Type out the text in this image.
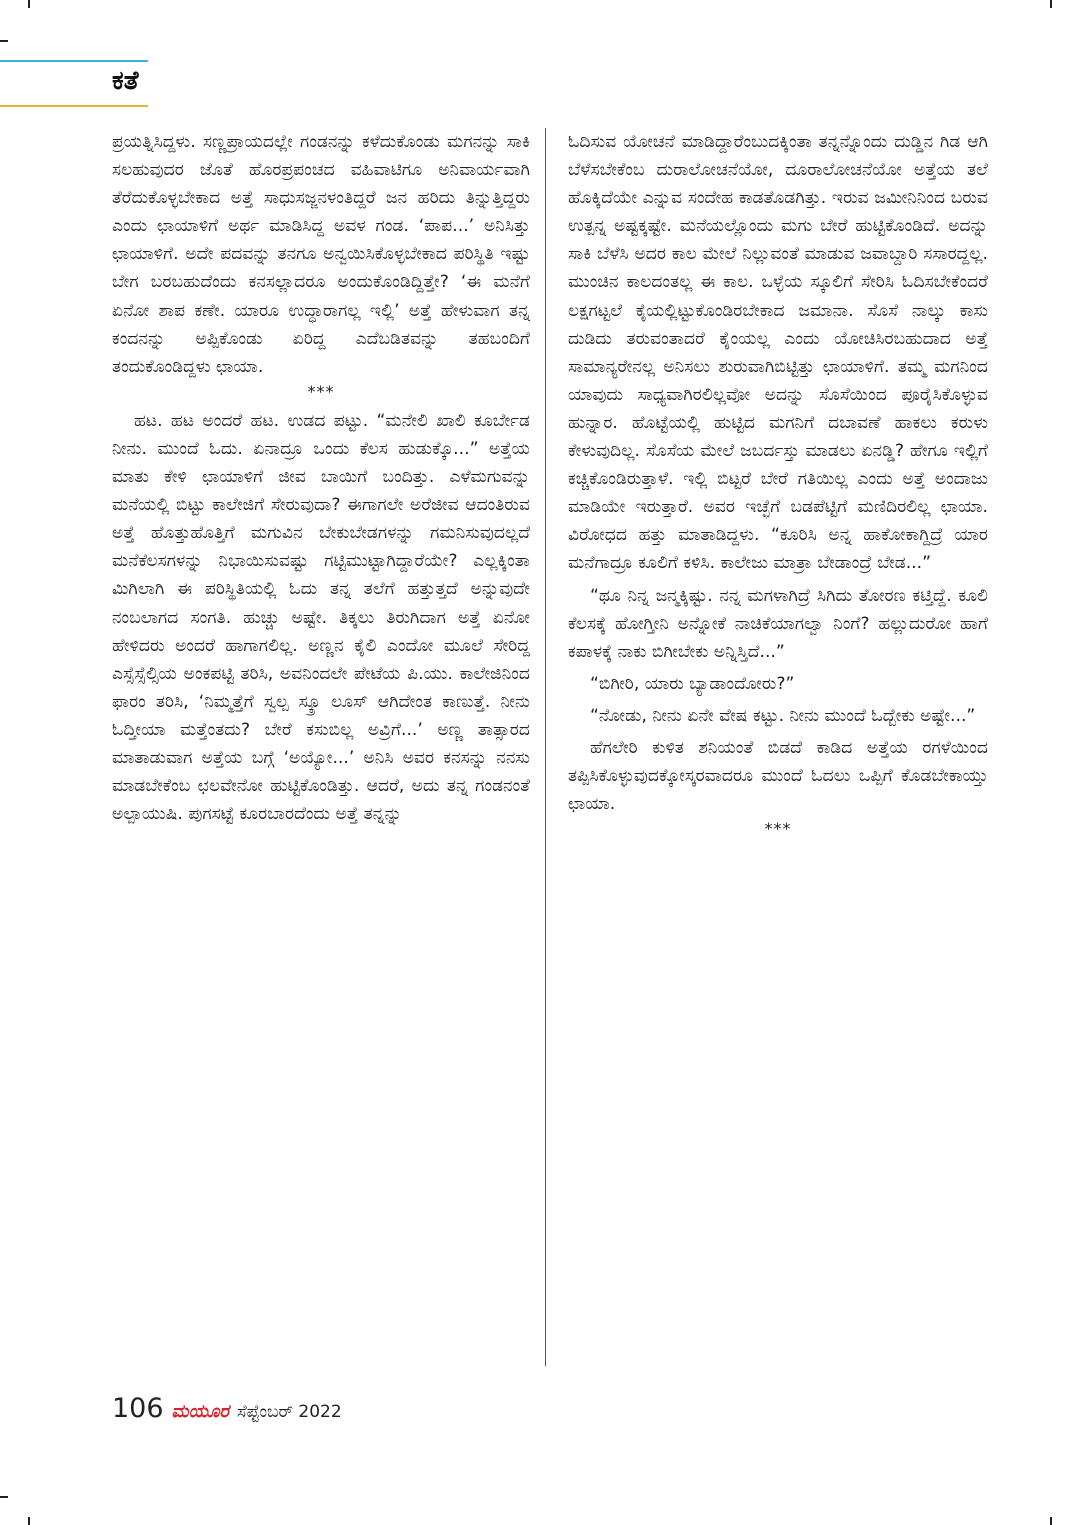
ಕತೆ

ಪ್ರಯತ್ನಿಸಿದ್ದಳು. ಸಣ್ಣಪ್ರಾಯದಲ್ಲೇ ಗಂಡನನ್ನು ಕಳೆದುಕೊಂಡು ಮಗನನ್ನು ಸಾಕಿ ಸಲಹುವುದರ ಜೊತೆ ಹೊರಪ್ರಪಂಚದ ವಹಿವಾಟಿಗೂ ಅನಿವಾರ್ಯವಾಗಿ ತೆರೆದುಕೊಳ್ಳಬೇಕಾದ ಅತ್ತೆ ಸಾಧುಸಜ್ಜನಳಂತಿದ್ದರೆ ಜನ ಹರಿದು ತಿನ್ನುತ್ತಿದ್ದರು ಎಂದು ಛಾಯಾಳಿಗೆ ಅರ್ಥ ಮಾಡಿಸಿದ್ದ ಅವಳ ಗಂಡ. ‘ಪಾಪ...’ ಅನಿಸಿತ್ತು ಛಾಯಾಳಿಗೆ. ಅದೇ ಪದವನ್ನು ತನಗೂ ಅನ್ವಯಿಸಿಕೊಳ್ಳಬೇಕಾದ ಪರಿಸ್ಥಿತಿ ಇಷ್ಟು ಬೇಗ ಬರಬಹುದೆಂದು ಕನಸಲ್ಲಾದರೂ ಅಂದುಕೊಂಡಿದ್ದಿತ್ತೇ? ‘ಈ ಮನೆಗೆ ಏನೋ ಶಾಪ ಕಣೇ. ಯಾರೂ ಉದ್ಧಾರಾಗಲ್ಲ ಇಲ್ಲಿ’ ಅತ್ತೆ ಹೇಳುವಾಗ ತನ್ನ ಕಂದನನ್ನು ಅಪ್ಪಿಕೊಂಡು ಏರಿದ್ದ ಎದೆಬಡಿತವನ್ನು ತಹಬಂದಿಗೆ ತಂದುಕೊಂಡಿದ್ದಳು ಛಾಯಾ.

***

ಹಟ. ಹಟ ಅಂದರೆ ಹಟ. ಉಡದ ಪಟ್ಟು. “ಮನೇಲಿ ಖಾಲಿ ಕೂರ್ಬೇಡ ನೀನು. ಮುಂದೆ ಓದು. ಏನಾದ್ರೂ ಒಂದು ಕೆಲಸ ಹುಡುಕ್ಕೊ...” ಅತ್ತೆಯ ಮಾತು ಕೇಳಿ ಛಾಯಾಳಿಗೆ ಜೀವ ಬಾಯಿಗೆ ಬಂದಿತ್ತು. ಎಳೆಮಗುವನ್ನು ಮನೆಯಲ್ಲಿ ಬಿಟ್ಟು ಕಾಲೇಜಿಗೆ ಸೇರುವುದಾ? ಈಗಾಗಲೇ ಅರೆಜೀವ ಆದಂತಿರುವ ಅತ್ತೆ ಹೊತ್ತುಹೊತ್ತಿಗೆ ಮಗುವಿನ ಬೇಕುಬೇಡಗಳನ್ನು ಗಮನಿಸುವುದಲ್ಲದೆ ಮನೆಕೆಲಸಗಳನ್ನು ನಿಭಾಯಿಸುವಷ್ಟು ಗಟ್ಟಿಮುಟ್ಟಾಗಿದ್ದಾರೆಯೇ? ಎಲ್ಲಕ್ಕಿಂತಾ ಮಿಗಿಲಾಗಿ ಈ ಪರಿಸ್ಥಿತಿಯಲ್ಲಿ ಓದು ತನ್ನ ತಲೆಗೆ ಹತ್ತುತ್ತದೆ ಅನ್ನುವುದೇ ನಂಬಲಾಗದ ಸಂಗತಿ. ಹುಚ್ಚು ಅಷ್ಟೇ. ತಿಕ್ಕಲು ತಿರುಗಿದಾಗ ಅತ್ತೆ ಏನೋ ಹೇಳಿದರು ಅಂದರೆ ಹಾಗಾಗಲಿಲ್ಲ. ಅಣ್ಣನ ಕೈಲಿ ಎಂದೋ ಮೂಲೆ ಸೇರಿದ್ದ ಎಸ್ಸೆಸ್ಸೆಲ್ಸಿಯ ಅಂಕಪಟ್ಟಿ ತರಿಸಿ, ಅವನಿಂದಲೇ ಪೇಟೆಯ ಪಿ.ಯು. ಕಾಲೇಜಿನಿಂದ ಫಾರಂ ತರಿಸಿ, ‘ನಿಮ್ಮತ್ತೆಗೆ ಸ್ವಲ್ಪ ಸ್ಕ್ರೂ ಲೂಸ್ ಆಗಿದೇಂತ ಕಾಣುತ್ತೆ. ನೀನು ಓದ್ತೀಯಾ ಮತ್ತೆಂತದು? ಬೇರೆ ಕಸುಬಿಲ್ಲ ಅವ್ರಿಗೆ...’ ಅಣ್ಣ ತಾತ್ಸಾರದ ಮಾತಾಡುವಾಗ ಅತ್ತೆಯ ಬಗ್ಗೆ ‘ಅಯ್ಯೋ...’ ಅನಿಸಿ ಅವರ ಕನಸನ್ನು ನನಸು ಮಾಡಬೇಕೆಂಬ ಛಲವೇನೋ ಹುಟ್ಟಿಕೊಂಡಿತ್ತು. ಆದರೆ, ಅದು ತನ್ನ ಗಂಡನಂತೆ ಅಲ್ಪಾಯುಷಿ. ಪುಗಸಟ್ಟೆ ಕೂರಬಾರದೆಂದು ಅತ್ತೆ ತನ್ನನ್ನು

ಓದಿಸುವ ಯೋಚನೆ ಮಾಡಿದ್ದಾರೆಂಬುದಕ್ಕಿಂತಾ ತನ್ನನ್ನೊಂದು ದುಡ್ಡಿನ ಗಿಡ ಆಗಿ ಬೆಳೆಸಬೇಕೆಂಬ ದುರಾಲೋಚನೆಯೋ, ದೂರಾಲೋಚನೆಯೋ ಅತ್ತೆಯ ತಲೆ ಹೊಕ್ಕಿದೆಯೇ ಎನ್ನುವ ಸಂದೇಹ ಕಾಡತೊಡಗಿತ್ತು. ಇರುವ ಜಮೀನಿನಿಂದ ಬರುವ ಉತ್ಪನ್ನ ಅಷ್ಟಕ್ಕಷ್ಟೇ. ಮನೆಯಲ್ಲೊಂದು ಮಗು ಬೇರೆ ಹುಟ್ಟಿಕೊಂಡಿದೆ. ಅದನ್ನು ಸಾಕಿ ಬೆಳೆಸಿ ಅದರ ಕಾಲ ಮೇಲೆ ನಿಲ್ಲುವಂತೆ ಮಾಡುವ ಜವಾಬ್ದಾರಿ ಸಸಾರದ್ದಲ್ಲ. ಮುಂಚಿನ ಕಾಲದಂತಲ್ಲ ಈ ಕಾಲ. ಒಳ್ಳೆಯ ಸ್ಕೂಲಿಗೆ ಸೇರಿಸಿ ಓದಿಸಬೇಕೆಂದರೆ ಲಕ್ಷಗಟ್ಟಲೆ ಕೈಯಲ್ಲಿಟ್ಟುಕೊಂಡಿರಬೇಕಾದ ಜಮಾನಾ. ಸೊಸೆ ನಾಲ್ಕು ಕಾಸು ದುಡಿದು ತರುವಂತಾದರೆ ಕೈಂಯಲ್ಲ ಎಂದು ಯೋಚಿಸಿರಬಹುದಾದ ಅತ್ತೆ ಸಾಮಾನ್ಯರೇನಲ್ಲ ಅನಿಸಲು ಶುರುವಾಗಿಬಿಟ್ಟಿತ್ತು ಛಾಯಾಳಿಗೆ. ತಮ್ಮ ಮಗನಿಂದ ಯಾವುದು ಸಾಧ್ಯವಾಗಿರಲಿಲ್ಲವೋ ಅದನ್ನು ಸೊಸೆಯಿಂದ ಪೂರೈಸಿಕೊಳ್ಳುವ ಹುನ್ನಾರ. ಹೊಟ್ಟೆಯಲ್ಲಿ ಹುಟ್ಟಿದ ಮಗನಿಗೆ ದಬಾವಣೆ ಹಾಕಲು ಕರುಳು ಕೇಳುವುದಿಲ್ಲ. ಸೊಸೆಯ ಮೇಲೆ ಜಬರ್ದಸ್ತು ಮಾಡಲು ಏನಡ್ಡಿ? ಹೇಗೂ ಇಲ್ಲಿಗೆ ಕಚ್ಚಿಕೊಂಡಿರುತ್ತಾಳೆ. ಇಲ್ಲಿ ಬಿಟ್ಟರೆ ಬೇರೆ ಗತಿಯಿಲ್ಲ ಎಂದು ಅತ್ತೆ ಅಂದಾಜು ಮಾಡಿಯೇ ಇರುತ್ತಾರೆ. ಅವರ ಇಚ್ಛೆಗೆ ಬಡಪೆಟ್ಟಿಗೆ ಮಣಿದಿರಲಿಲ್ಲ ಛಾಯಾ. ವಿರೋಧದ ಹತ್ತು ಮಾತಾಡಿದ್ದಳು. “ಕೂರಿಸಿ ಅನ್ನ ಹಾಕೋಕಾಗ್ದಿದ್ರೆ ಯಾರ ಮನೆಗಾದ್ರೂ ಕೂಲಿಗೆ ಕಳಿಸಿ. ಕಾಲೇಜು ಮಾತ್ರಾ ಬೇಡಾಂದ್ರೆ ಬೇಡ...”

“ಥೂ ನಿನ್ನ ಜನ್ಮಕ್ಕಿಷ್ಟು. ನನ್ನ ಮಗಳಾಗಿದ್ರೆ ಸಿಗಿದು ತೋರಣ ಕಟ್ತಿದ್ದೆ. ಕೂಲಿ ಕೆಲಸಕ್ಕೆ ಹೋಗ್ತೀನಿ ಅನ್ನೋಕೆ ನಾಚಿಕೆಯಾಗಲ್ವಾ ನಿಂಗೆ? ಹಲ್ಲುದುರೋ ಹಾಗೆ ಕಪಾಳಕ್ಕೆ ನಾಕು ಬಿಗೀಬೇಕು ಅನ್ನಿಸ್ತಿದೆ...”

“ಬಿಗೀರಿ, ಯಾರು ಬ್ಯಾಡಾಂದೋರು?”

“ನೋಡು, ನೀನು ಏನೇ ವೇಷ ಕಟ್ಟು. ನೀನು ಮುಂದೆ ಓದ್ಬೇಕು ಅಷ್ಟೇ...”

ಹೆಗಲೇರಿ ಕುಳಿತ ಶನಿಯಂತೆ ಬಿಡದೆ ಕಾಡಿದ ಅತ್ತೆಯ ರಗಳೆಯಿಂದ ತಪ್ಪಿಸಿಕೊಳ್ಳುವುದಕ್ಕೋಸ್ಕರವಾದರೂ ಮುಂದೆ ಓದಲು ಒಪ್ಪಿಗೆ ಕೊಡಬೇಕಾಯ್ತು ಛಾಯಾ.

***

106 ಮಯೂರ ಸೆಪ್ಟೆಂಬರ್ 2022
